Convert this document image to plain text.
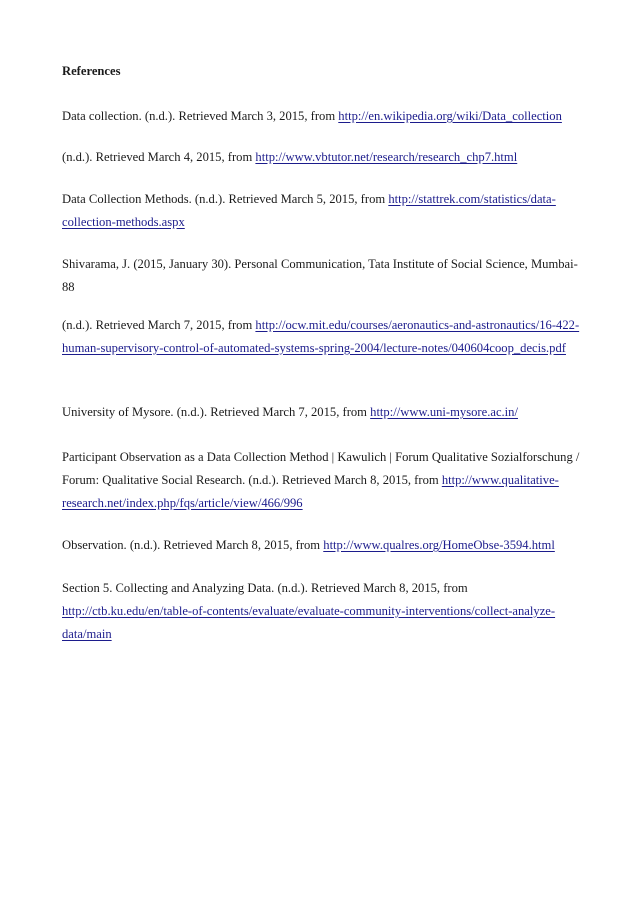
References

Data collection. (n.d.). Retrieved March 3, 2015, from http://en.wikipedia.org/wiki/Data_collection

(n.d.). Retrieved March 4, 2015, from http://www.vbtutor.net/research/research_chp7.html

Data Collection Methods. (n.d.). Retrieved March 5, 2015, from http://stattrek.com/statistics/data-collection-methods.aspx

Shivarama, J. (2015, January 30). Personal Communication, Tata Institute of Social Science, Mumbai-88

(n.d.). Retrieved March 7, 2015, from http://ocw.mit.edu/courses/aeronautics-and-astronautics/16-422-human-supervisory-control-of-automated-systems-spring-2004/lecture-notes/040604coop_decis.pdf

University of Mysore. (n.d.). Retrieved March 7, 2015, from http://www.uni-mysore.ac.in/

Participant Observation as a Data Collection Method | Kawulich | Forum Qualitative Sozialforschung / Forum: Qualitative Social Research. (n.d.). Retrieved March 8, 2015, from http://www.qualitative-research.net/index.php/fqs/article/view/466/996

Observation. (n.d.). Retrieved March 8, 2015, from http://www.qualres.org/HomeObse-3594.html

Section 5. Collecting and Analyzing Data. (n.d.). Retrieved March 8, 2015, from http://ctb.ku.edu/en/table-of-contents/evaluate/evaluate-community-interventions/collect-analyze-data/main
